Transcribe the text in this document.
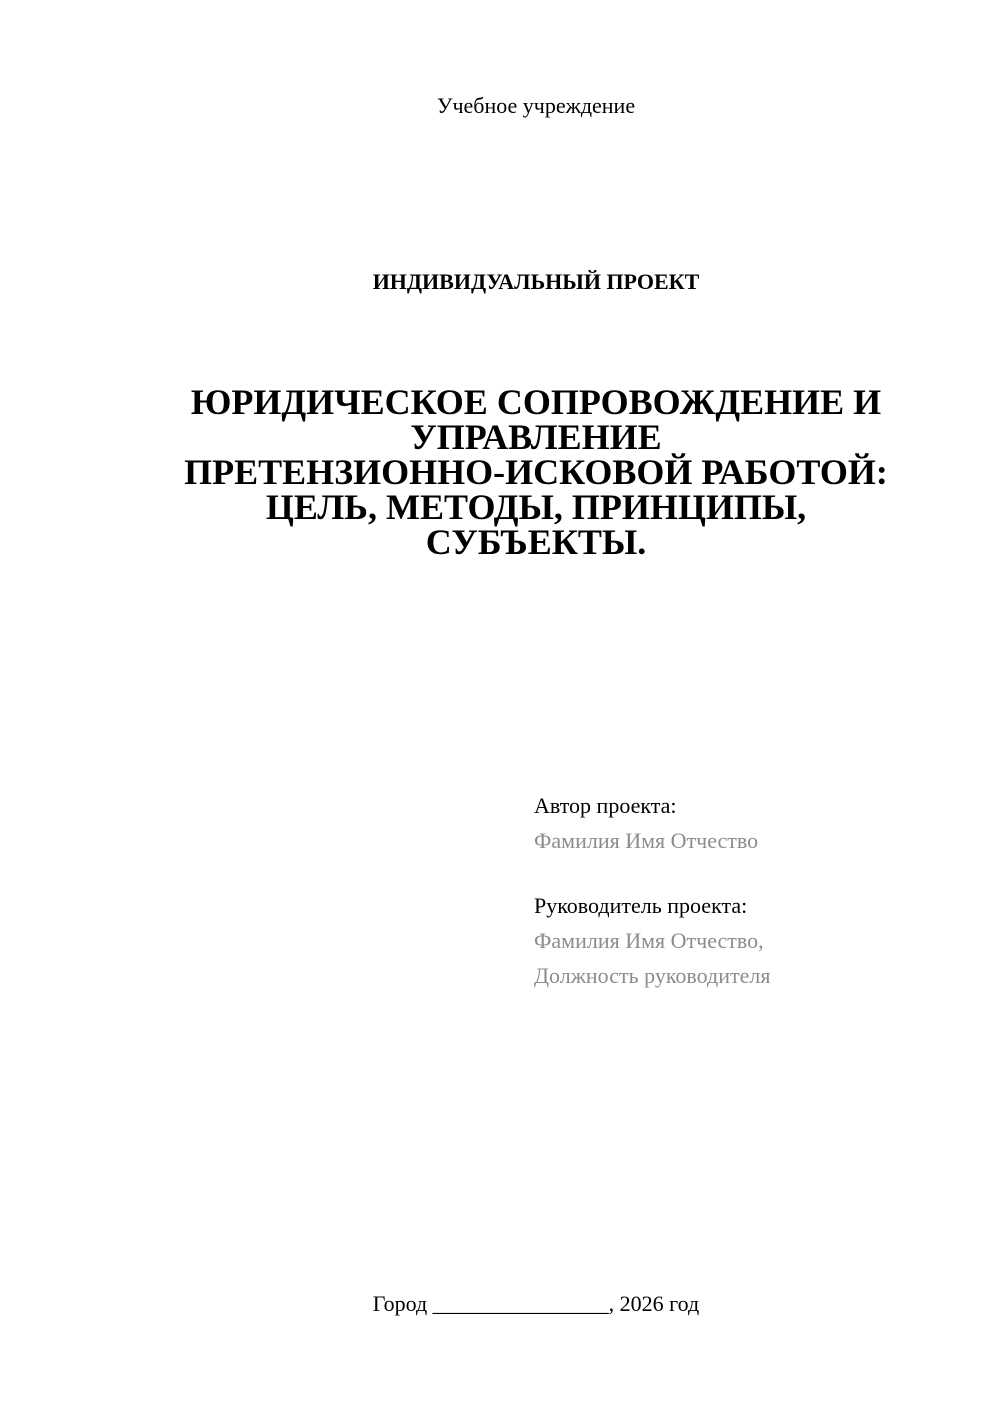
Учебное учреждение
ИНДИВИДУАЛЬНЫЙ ПРОЕКТ
ЮРИДИЧЕСКОЕ СОПРОВОЖДЕНИЕ И
УПРАВЛЕНИЕ
ПРЕТЕНЗИОННО-ИСКОВОЙ РАБОТОЙ:
ЦЕЛЬ, МЕТОДЫ, ПРИНЦИПЫ,
СУБЪЕКТЫ.
Автор проекта:
Фамилия Имя Отчество
Руководитель проекта:
Фамилия Имя Отчество,
Должность руководителя
Город ________________, 2026 год
